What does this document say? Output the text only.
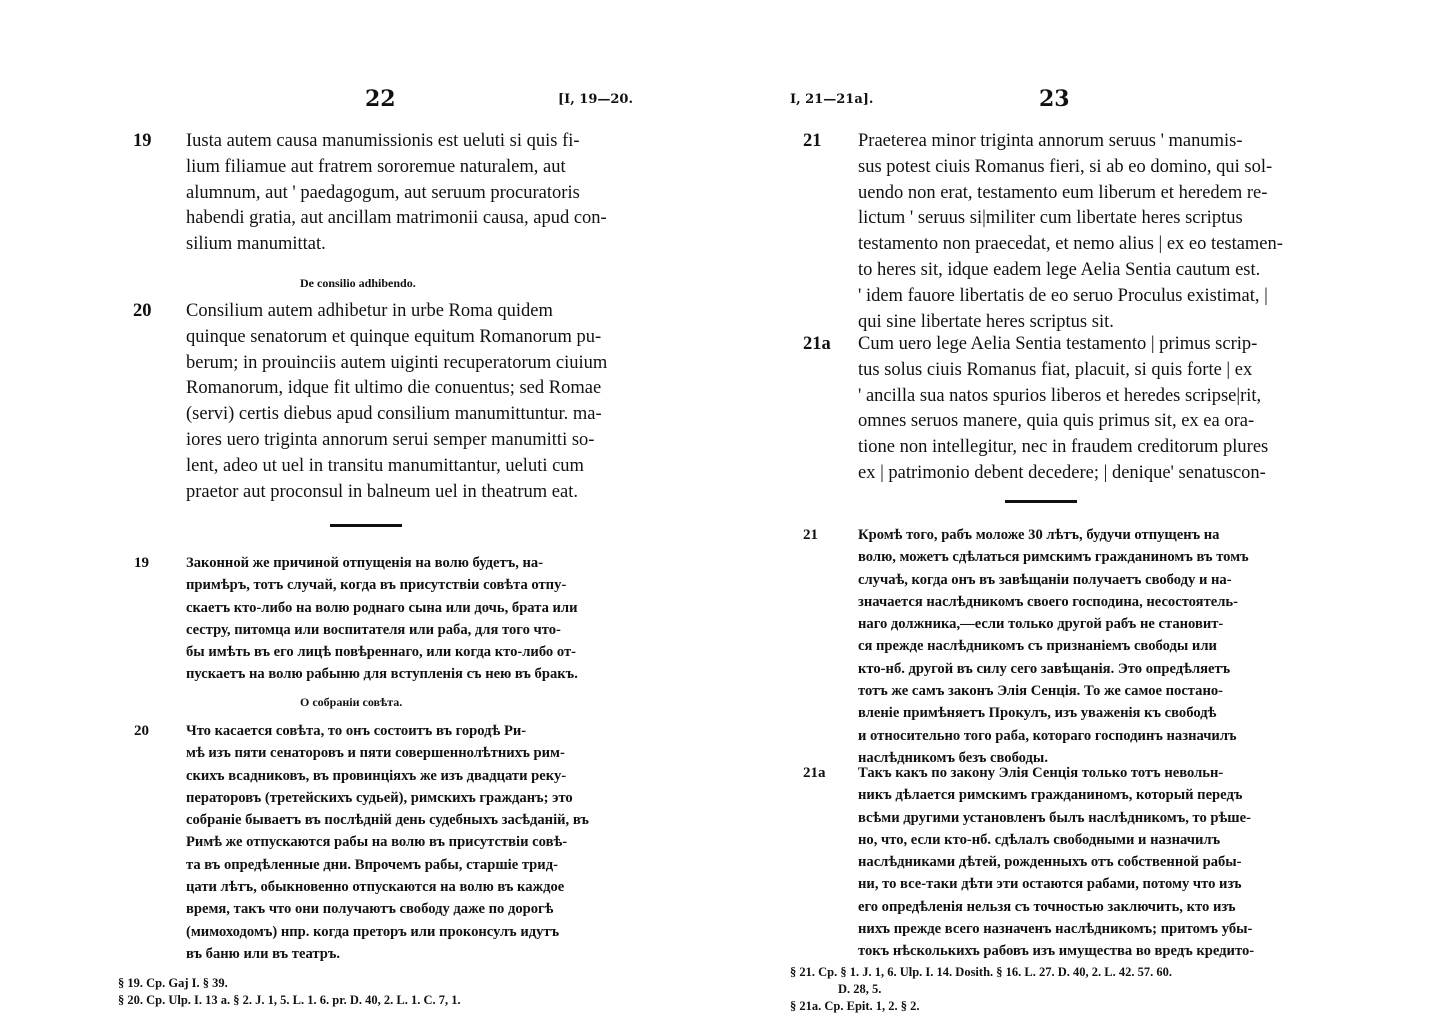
22	[I, 19—20.
19 Iusta autem causa manumissionis est ueluti si quis fi-
lium filiamue aut fratrem sororemue naturalem, aut
alumnum, aut ' paedagogum, aut seruum procuratoris
habendi gratia, aut ancillam matrimonii causa, apud con-
silium manumittat.
De consilio adhibendo.
20 Consilium autem adhibetur in urbe Roma quidem
quinque senatorum et quinque equitum Romanorum pu-
berum; in prouinciis autem uiginti recuperatorum ciuium
Romanorum, idque fit ultimo die conuentus; sed Romae
(servi) certis diebus apud consilium manumittuntur. ma-
iores uero triginta annorum serui semper manumitti so-
lent, adeo ut uel in transitu manumittantur, ueluti cum
praetor aut proconsul in balneum uel in theatrum eat.
19	Законной же причиной отпущенія на волю будетъ, на-
примѣръ, тотъ случай, когда въ присутствіи совѣта отпу-
скаетъ кто-либо на волю роднаго сына или дочь, брата или
сестру, питомца или воспитателя или раба, для того что-
бы имѣть въ его лицѣ повѣреннаго, или когда кто-либо от-
пускаетъ на волю рабыню для вступленія съ нею въ бракъ.
О собраніи совѣта.
20	Что касается совѣта, то онъ состоитъ въ городѣ Ри-
мѣ изъ пяти сенаторовъ и пяти совершеннолѣтнихъ рим-
скихъ всадниковъ, въ провинціяхъ же изъ двадцати реку-
ператоровъ (третейскихъ судьей), римскихъ гражданъ; это
собраніе бываетъ въ послѣдній день судебныхъ засѣданій, въ
Римѣ же отпускаются рабы на волю въ присутствіи совѣ-
та въ опредѣленные дни. Впрочемъ рабы, старшіе трид-
цати лѣтъ, обыкновенно отпускаются на волю въ каждое
время, такъ что они получаютъ свободу даже по дорогѣ
(мимоходомъ) нпр. когда преторъ или проконсулъ идутъ
въ баню или въ театръ.
§ 19. Cp. Gaj I. § 39.
§ 20. Cp. Ulp. I. 13 a. § 2. J. 1, 5. L. 1. 6. pr. D. 40, 2. L. 1. C. 7, 1.
I, 21—21a].	23
21 Praeterea minor triginta annorum seruus ' manumis-
sus potest ciuis Romanus fieri, si ab eo domino, qui sol-
uendo non erat, testamento eum liberum et heredem re-
lictum ' seruus si|militer cum libertate heres scriptus
testamento non praecedat, et nemo alius | ex eo testamen-
to heres sit, idque eadem lege Aelia Sentia cautum est.
' idem fauore libertatis de eo seruo Proculus existimat, |
qui sine libertate heres scriptus sit.
21a Cum uero lege Aelia Sentia testamento | primus scrip-
tus solus ciuis Romanus fiat, placuit, si quis forte | ex
' ancilla sua natos spurios liberos et heredes scripse|rit,
omnes seruos manere, quia quis primus sit, ex ea ora-
tione non intellegitur, nec in fraudem creditorum plures
ex | patrimonio debent decedere; | denique' senatuscon-
21	Кромѣ того, рабъ моложе 30 лѣтъ, будучи отпущенъ на
волю, можетъ сдѣлаться римскимъ гражданиномъ въ томъ
случаѣ, когда онъ въ завѣщаніи получаетъ свободу и на-
значается наслѣдникомъ своего господина, несостоятель-
наго должника,—если только другой рабъ не становит-
ся прежде наслѣдникомъ съ признаніемъ свободы или
кто-нб. другой въ силу сего завѣщанія. Это опредѣляетъ
тотъ же самъ законъ Элія Сенція. То же самое постано-
вленіе примѣняетъ Прокулъ, изъ уваженія къ свободѣ
и относительно того раба, котораго господинъ назначилъ
наслѣдникомъ безъ свободы.
21a Такъ какъ по закону Элія Сенція только тотъ невольн-
никъ дѣлается римскимъ гражданиномъ, который передъ
всѣми другими установленъ былъ наслѣдникомъ, то рѣше-
но, что, если кто-нб. сдѣлалъ свободными и назначилъ
наслѣдниками дѣтей, рожденныхъ отъ собственной рабы-
ни, то все-таки дѣти эти остаются рабами, потому что изъ
его опредѣленія нельзя съ точностью заключить, кто изъ
нихъ прежде всего назначенъ наслѣдникомъ; притомъ убы-
токъ нѣсколькихъ рабовъ изъ имущества во вредъ кредито-
§ 21. Cp. § 1. J. 1, 6. Ulp. I. 14. Dosith. § 16. L. 27. D. 40, 2. L. 42. 57. 60.
D. 28, 5.
§ 21a. Cp. Epit. 1, 2. § 2.
